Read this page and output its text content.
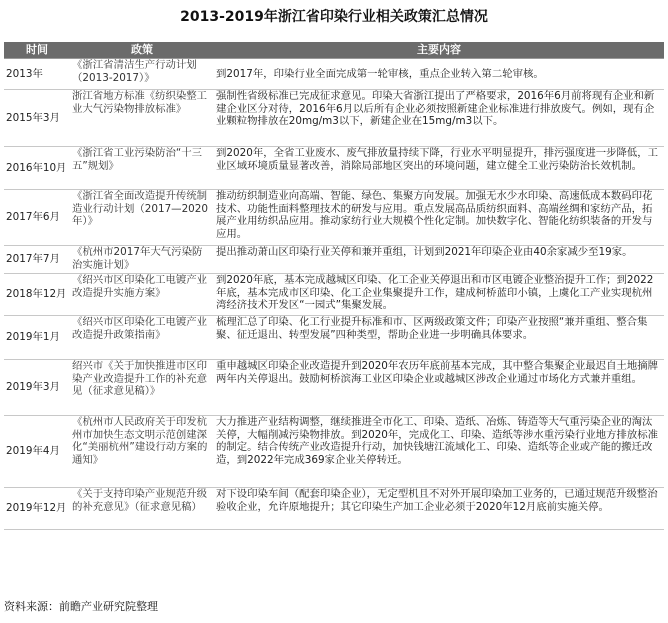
2013-2019年浙江省印染行业相关政策汇总情况
时间	政策	主要内容
2013年	《浙江省清洁生产行动计划（2013-2017）》	到2017年，印染行业全面完成第一轮审核，重点企业转入第二轮审核。
2015年3月	浙江省地方标准《纺织染整工业大气污染物排放标准》	强制性省级标准已完成征求意见。印染大省浙江提出了严格要求，2016年6月前将现有企业和新建企业区分对待，2016年6月以后所有企业必须按照新建企业标准进行排放废气。例如，现有企业颗粒物排放在20mg/m3以下，新建企业在15mg/m3以下。
2016年10月	《浙江省工业污染防治“十三五”规划》	到2020年，全省工业废水、废气排放量持续下降，行业水平明显提升，排污强度进一步降低，工业区域环境质量显著改善，消除局部地区突出的环境问题，建立健全工业污染防治长效机制。
2017年6月	《浙江省全面改造提升传统制造业行动计划（2017—2020年）》	推动纺织制造业向高端、智能、绿色、集聚方向发展。加强无水少水印染、高速低成本数码印花技术、功能性面料整理技术的研发与应用。重点发展高品质纺织面料、高端丝绸和家纺产品，拓展产业用纺织品应用。推动家纺行业大规模个性化定制。加快数字化、智能化纺织装备的开发与应用。
2017年7月	《杭州市2017年大气污染防治实施计划》	提出推动萧山区印染行业关停和兼并重组，计划到2021年印染企业由40余家减少至19家。
2018年12月	《绍兴市区印染化工电镀产业改造提升实施方案》	到2020年底，基本完成越城区印染、化工企业关停退出和市区电镀企业整治提升工作；到2022年底，基本完成市区印染、化工企业集聚提升工作，建成柯桥蓝印小镇，上虞化工产业实现杭州湾经济技术开发区“一园式”集聚发展。
2019年1月	《绍兴市区印染化工电镀产业改造提升政策指南》	梳理汇总了印染、化工行业提升标准和市、区两级政策文件；印染产业按照“兼并重组、整合集聚、征迁退出、转型发展”四种类型，帮助企业进一步明确具体要求。
2019年3月	绍兴市《关于加快推进市区印染产业改造提升工作的补充意见（征求意见稿）》	重申越城区印染企业改造提升到2020年农历年底前基本完成，其中整合集聚企业最迟自土地摘牌两年内关停退出。鼓励柯桥滨海工业区印染企业或越城区涉改企业通过市场化方式兼并重组。
2019年4月	《杭州市人民政府关于印发杭州市加快生态文明示范创建深化“美丽杭州”建设行动方案的通知》	大力推进产业结构调整，继续推进全市化工、印染、造纸、冶炼、铸造等大气重污染企业的淘汰关停，大幅削减污染物排放。到2020年，完成化工、印染、造纸等涉水重污染行业地方排放标准的制定。结合传统产业改造提升行动，加快钱塘江流域化工、印染、造纸等企业或产能的搬迁改造，到2022年完成369家企业关停转迁。
2019年12月	《关于支持印染产业规范升级的补充意见》（征求意见稿）	对下设印染车间（配套印染企业），无定型机且不对外开展印染加工业务的，已通过规范升级整治验收企业，允许原地提升；其它印染生产加工企业必须于2020年12月底前实施关停。
资料来源：前瞻产业研究院整理
